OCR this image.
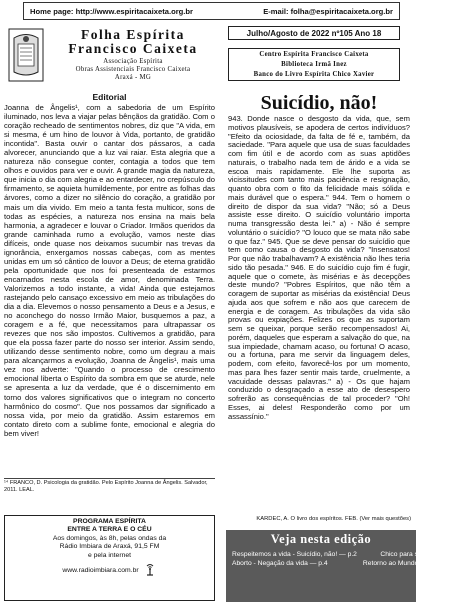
Home page: http://www.espiritacaixeta.org.br	E-mail: folha@espiritacaixeta.org.br
Folha Espírita
Francisco Caixeta
Associação Espírita
Obras Assistenciais Francisco Caixeta
Araxá - MG
Julho/Agosto de 2022 nº105 Ano 18
Centro Espírita Francisco Caixeta
Biblioteca Irmã Inez
Banco do Livro Espírita Chico Xavier

Editorial

Joanna de Ângelis¹, com a sabedoria de um Espírito iluminado, nos leva a viajar pelas bênçãos da gratidão. Com o coração recheado de sentimentos nobres, diz que "A vida, em si mesma, é um hino de louvor à Vida, portanto, de gratidão incontida". Basta ouvir o cantar dos pássaros, a cada alvorecer, anunciando que a luz vai raiar. Esta alegria que a natureza não consegue conter, contagia a todos que tem olhos e ouvidos para ver e ouvir. A grande magia da natureza, que inicia o dia com alegria e ao entardecer, no crepúsculo do firmamento, se aquieta humildemente, por entre as folhas das árvores, como a dizer no silêncio do coração, a gratidão por mais um dia vivido. Em meio a tanta festa multicor, sons de todas as espécies, a natureza nos ensina na mais bela harmonia, a agradecer e louvar o Criador. Irmãos queridos da grande caminhada rumo a evolução, vamos neste dias difíceis, onde quase nos deixamos sucumbir nas trevas da ignorância, enxergamos nossas cabeças, com as mentes unidas em um só cântico de louvor a Deus; de eterna gratidão pela oportunidade que nos foi presenteada de estarmos encarnados nesta escola de amor, denominada Terra. Valorizemos a todo instante, a vida! Ainda que estejamos rastejando pelo cansaço excessivo em meio as tribulações do dia a dia. Elevemos o nosso pensamento a Deus e a Jesus, e no aconchego do nosso Irmão Maior, busquemos a paz, a coragem e a fé, que necessitamos para ultrapassar os revezes que nos são impostos. Cultivemos a gratidão, para que ela possa fazer parte do nosso ser interior. Assim sendo, utilizando desse sentimento nobre, como um degrau a mais para alcançarmos a evolução, Joanna de Ângelis¹, mais uma vez nos adverte: "Quando o processo de crescimento emocional liberta o Espírito da sombra em que se aturde, nele se apresenta a luz da verdade, que é o discernimento em torno dos valores significativos que o integram no concerto harmônico do cosmo". Que nos possamos dar significado a nossa vida, por meio da gratidão. Assim estaremos em contato direto com a sublime fonte, emocional e alegria do bem viver!

¹⁴ FRANCO, D. Psicologia da gratidão. Pelo Espírito Joanna de Ângelis. Salvador, 2011. LEAL.
PROGRAMA ESPÍRITA
ENTRE A TERRA E O CÉU
Aos domingos, às 8h, pelas ondas da
Rádio Imbiara de Araxá, 91,5 FM
e pela internet
www.radioimbiara.com.br

Suicídio, não!

943. Donde nasce o desgosto da vida, que, sem motivos plausíveis, se apodera de certos indivíduos? "Efeito da ociosidade, da falta de fé e, também, da saciedade. "Para aquele que usa de suas faculdades com fim útil e de acordo com as suas aptidões naturais, o trabalho nada tem de árido e a vida se escoa mais rapidamente. Ele lhe suporta as vicissitudes com tanto mais paciência e resignação, quanto obra com o fito da felicidade mais sólida e mais durável que o espera." 944. Tem o homem o direito de dispor da sua vida? "Não; só a Deus assiste esse direito. O suicídio voluntário importa numa transgressão desta lei." a) - Não é sempre voluntário o suicídio? "O louco que se mata não sabe o que faz." 945. Que se deve pensar do suicídio que tem como causa o desgosto da vida? "Insensatos! Por que não trabalhavam? A existência não lhes teria sido tão pesada." 946. E do suicídio cujo fim é fugir, aquele que o comete, às misérias e às decepções deste mundo? "Pobres Espíritos, que não têm a coragem de suportar as misérias da existência! Deus ajuda aos que sofrem e não aos que carecem de energia e de coragem. As tribulações da vida são provas ou expiações. Felizes os que as suportam sem se queixar, porque serão recompensados! Ai, porém, daqueles que esperam a salvação do que, na sua impiedade, chamam acaso, ou fortuna! O acaso, ou a fortuna, para me servir da linguagem deles, podem, com efeito, favorecê-los por um momento, mas para lhes fazer sentir mais tarde, cruelmente, a vacuidade dessas palavras." a) - Os que hajam conduzido o desgraçado a esse ato de desespero sofrerão as consequências de tal proceder? "Oh! Esses, ai deles! Responderão como por um assassínio."

KARDEC, A. O livro dos espíritos. FEB. (Ver mais questões)
Veja nesta edição
Respeitemos a vida - Suicídio, não! — p.2	Chico para sempre — p.7
Aborto - Negação da vida — p.4	Retorno ao Mundo Maior — p.8
